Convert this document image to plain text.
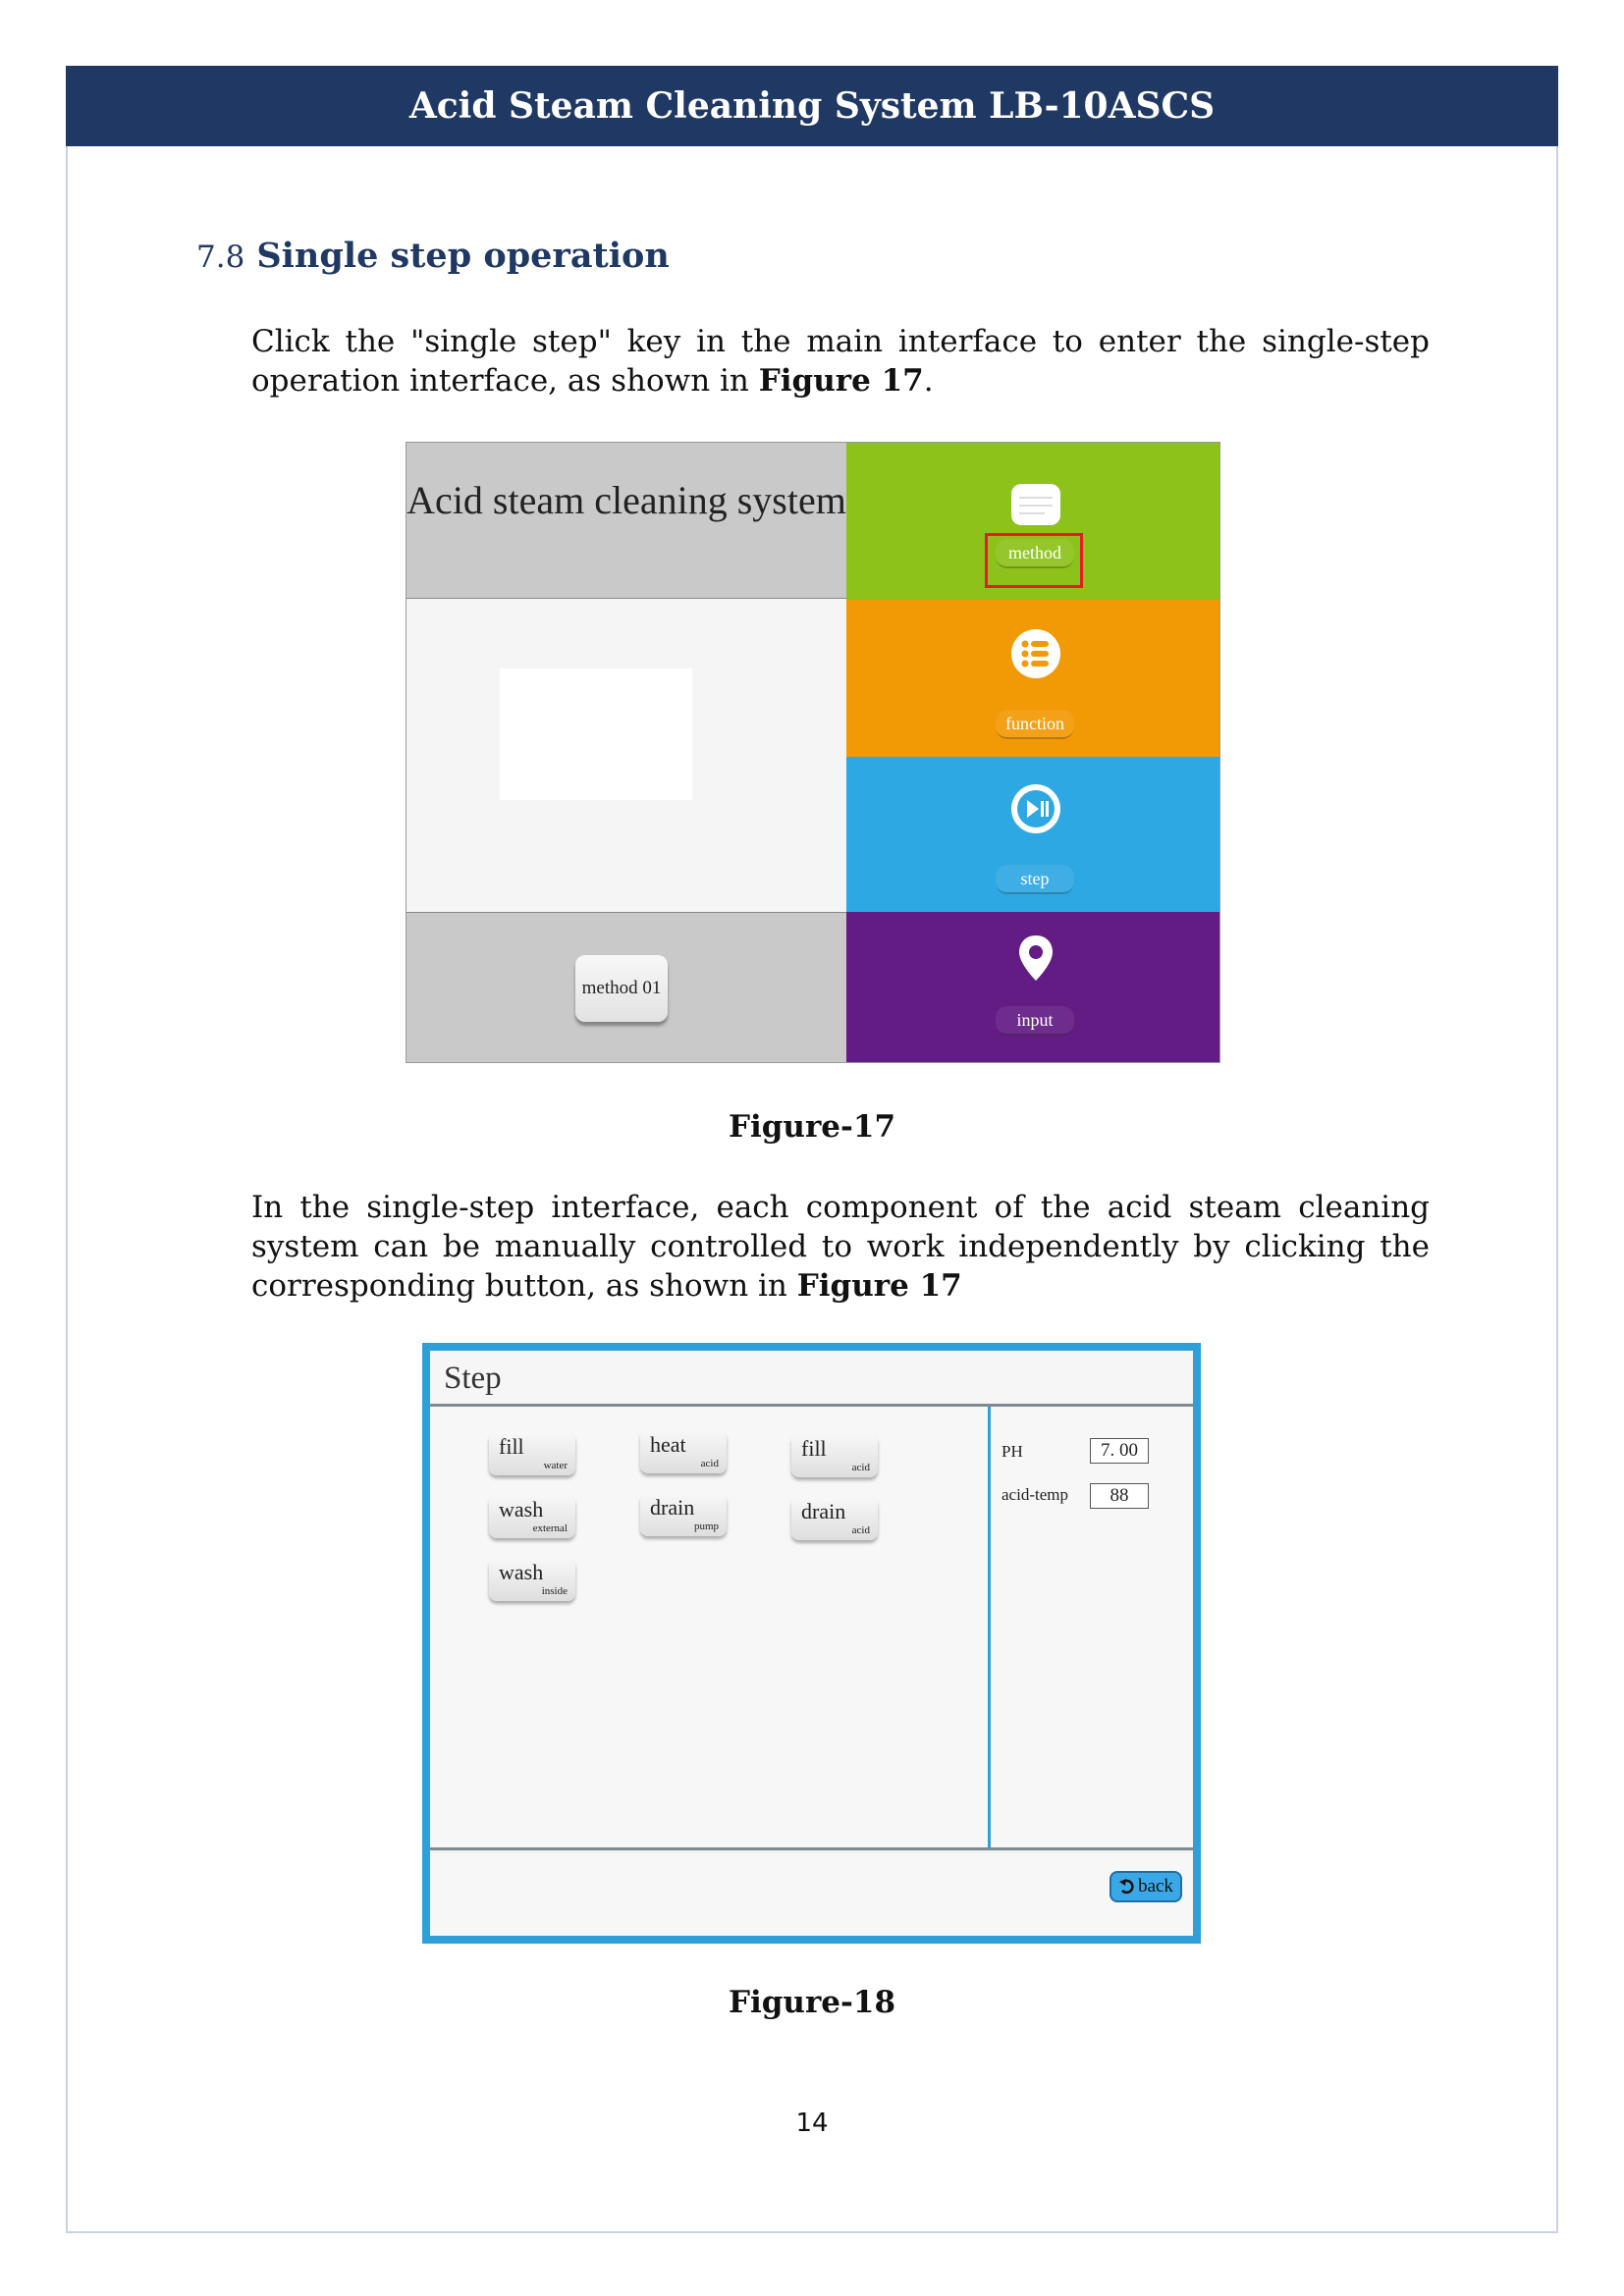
Acid Steam Cleaning System LB-10ASCS
7.8 Single step operation
Click the "single step" key in the main interface to enter the single-step operation interface, as shown in Figure 17.
Acid steam cleaning system
method 01
method
function
step
input
Figure-17
In the single-step interface, each component of the acid steam cleaning system can be manually controlled to work independently by clicking the corresponding button, as shown in Figure 17
Step
fill
water
heat
acid
fill
acid
wash
external
drain
pump
drain
acid
wash
inside
PH	7. 00
acid-temp	88
back
Figure-18
14
